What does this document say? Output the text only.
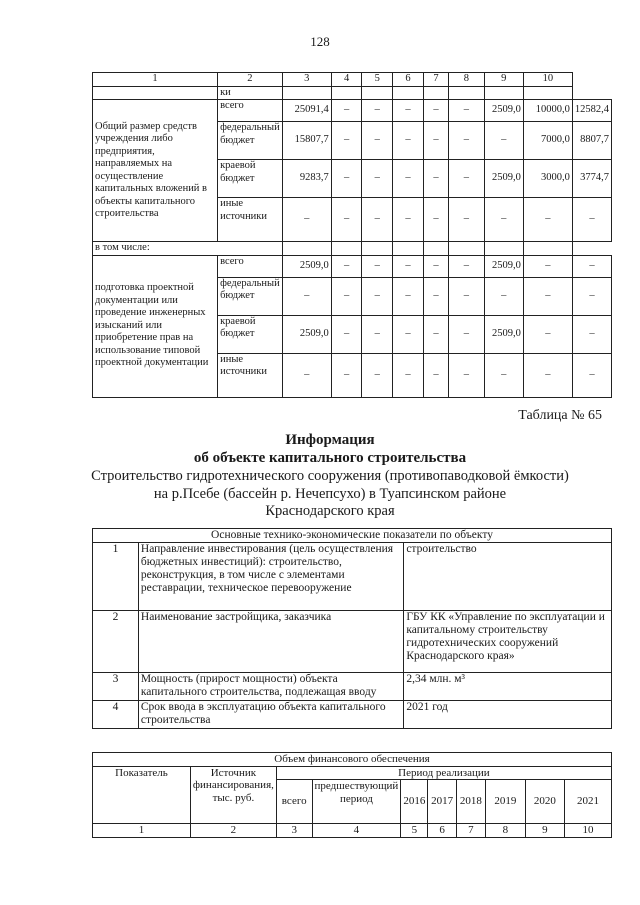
128
1	2	3	4	5	6	7	8	9	10	
	ки									
Общий размер средств учреждения либо предприятия, направляемых на осуществление капитальных вложений в объекты капитального строительства	всего	25091,4	–	–	–	–	–	2509,0	10000,0	12582,4
	федеральный бюджет	15807,7	–	–	–	–	–	–	7000,0	8807,7
	краевой бюджет	9283,7	–	–	–	–	–	2509,0	3000,0	3774,7
	иные источники	–	–	–	–	–	–	–	–	–
в том числе:										
подготовка проектной документации или проведение инженерных изысканий или приобретение прав на использование типовой проектной документации	всего	2509,0	–	–	–	–	–	2509,0	–	–
	федеральный бюджет	–	–	–	–	–	–	–	–	–
	краевой бюджет	2509,0	–	–	–	–	–	2509,0	–	–
	иные источники	–	–	–	–	–	–	–	–	–
Таблица № 65
Информация
об объекте капитального строительства
Строительство гидротехнического сооружения (противопаводковой ёмкости)
на р.Псебе (бассейн р. Нечепсухо) в Туапсинском районе
Краснодарского края
Основные технико-экономические показатели по объекту		
1	Направление инвестирования (цель осуществления бюджетных инвестиций): строительство, реконструкция, в том числе с элементами реставрации, техническое перевооружение	строительство
2	Наименование застройщика, заказчика	ГБУ КК «Управление по эксплуатации и капитальному строительству гидротехнических сооружений Краснодарского края»
3	Мощность (прирост мощности) объекта капитального строительства, подлежащая вводу	2,34 млн. м³
4	Срок ввода в эксплуатацию объекта капитального строительства	2021 год
Объем финансового обеспечения									
Показатель	Источник финансирования, тыс. руб.	Период реализации							
		всего	предшествующий период	2016	2017	2018	2019	2020	2021
1	2	3	4	5	6	7	8	9	10
